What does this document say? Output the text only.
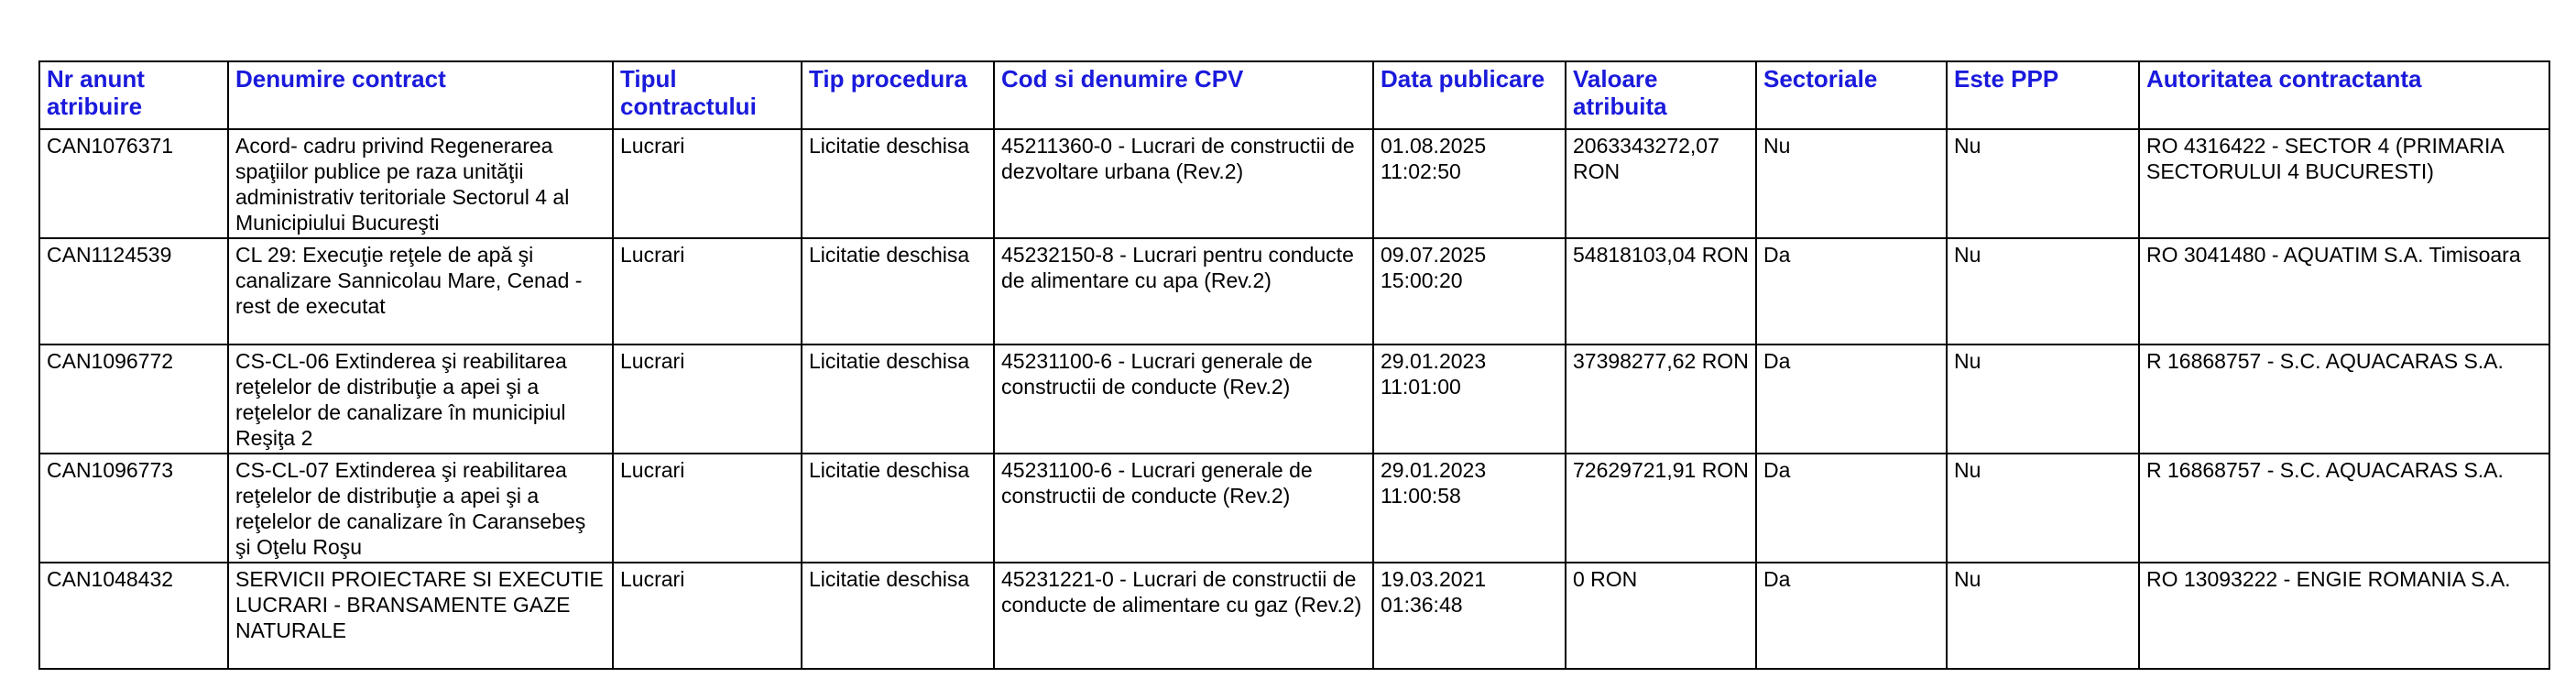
Nr anunt atribuire	Denumire contract	Tipul contractului	Tip procedura	Cod si denumire CPV	Data publicare	Valoare atribuita	Sectoriale	Este PPP	Autoritatea contractanta
CAN1076371	Acord- cadru privind Regenerarea spaţiilor publice pe raza unităţii administrativ teritoriale Sectorul 4 al Municipiului Bucureşti	Lucrari	Licitatie deschisa	45211360-0 - Lucrari de constructii de dezvoltare urbana (Rev.2)	01.08.2025 11:02:50	2063343272,07 RON	Nu	Nu	RO 4316422 - SECTOR 4 (PRIMARIA SECTORULUI 4 BUCURESTI)
CAN1124539	CL 29: Execuţie reţele de apă şi canalizare Sannicolau Mare, Cenad - rest de executat	Lucrari	Licitatie deschisa	45232150-8 - Lucrari pentru conducte de alimentare cu apa (Rev.2)	09.07.2025 15:00:20	54818103,04 RON	Da	Nu	RO 3041480 - AQUATIM S.A. Timisoara
CAN1096772	CS-CL-06 Extinderea şi reabilitarea reţelelor de distribuţie a apei şi a reţelelor de canalizare în municipiul Reşiţa 2	Lucrari	Licitatie deschisa	45231100-6 - Lucrari generale de constructii de conducte (Rev.2)	29.01.2023 11:01:00	37398277,62 RON	Da	Nu	R 16868757 - S.C. AQUACARAS S.A.
CAN1096773	CS-CL-07 Extinderea şi reabilitarea reţelelor de distribuţie a apei şi a reţelelor de canalizare în Caransebeş şi Oţelu Roşu	Lucrari	Licitatie deschisa	45231100-6 - Lucrari generale de constructii de conducte (Rev.2)	29.01.2023 11:00:58	72629721,91 RON	Da	Nu	R 16868757 - S.C. AQUACARAS S.A.
CAN1048432	SERVICII PROIECTARE SI EXECUTIE LUCRARI - BRANSAMENTE GAZE NATURALE	Lucrari	Licitatie deschisa	45231221-0 - Lucrari de constructii de conducte de alimentare cu gaz (Rev.2)	19.03.2021 01:36:48	0 RON	Da	Nu	RO 13093222 - ENGIE ROMANIA S.A.
